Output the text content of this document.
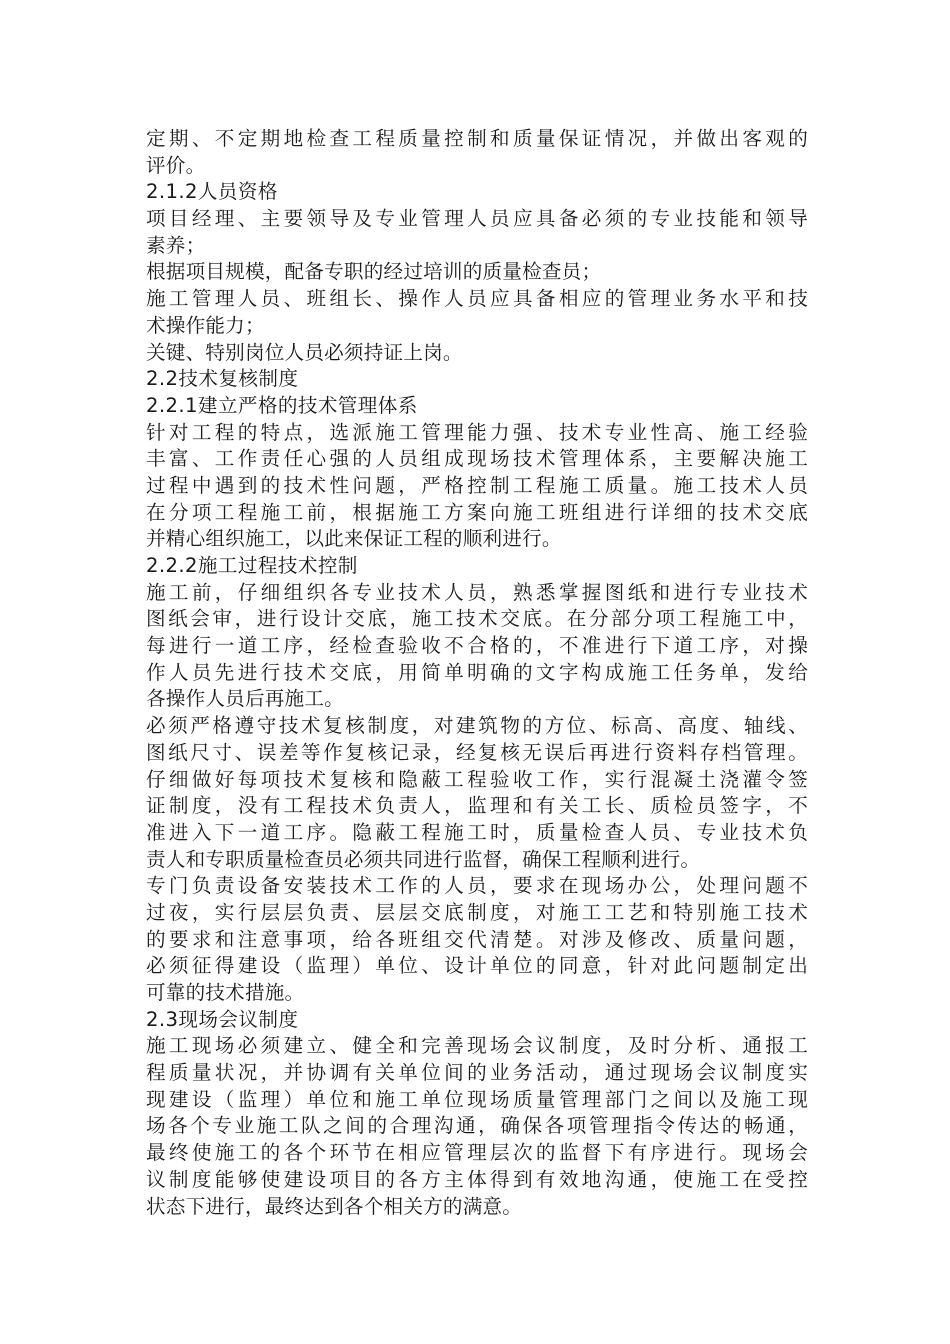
定期、不定期地检查工程质量控制和质量保证情况，并做出客观的
评价。
2.1.2人员资格
项目经理、主要领导及专业管理人员应具备必须的专业技能和领导
素养；
根据项目规模，配备专职的经过培训的质量检查员；
施工管理人员、班组长、操作人员应具备相应的管理业务水平和技
术操作能力；
关键、特别岗位人员必须持证上岗。
2.2技术复核制度
2.2.1建立严格的技术管理体系
针对工程的特点，选派施工管理能力强、技术专业性高、施工经验
丰富、工作责任心强的人员组成现场技术管理体系，主要解决施工
过程中遇到的技术性问题，严格控制工程施工质量。施工技术人员
在分项工程施工前，根据施工方案向施工班组进行详细的技术交底
并精心组织施工，以此来保证工程的顺利进行。
2.2.2施工过程技术控制
施工前，仔细组织各专业技术人员，熟悉掌握图纸和进行专业技术
图纸会审，进行设计交底，施工技术交底。在分部分项工程施工中，
每进行一道工序，经检查验收不合格的，不准进行下道工序，对操
作人员先进行技术交底，用简单明确的文字构成施工任务单，发给
各操作人员后再施工。
必须严格遵守技术复核制度，对建筑物的方位、标高、高度、轴线、
图纸尺寸、误差等作复核记录，经复核无误后再进行资料存档管理。
仔细做好每项技术复核和隐蔽工程验收工作，实行混凝土浇灌令签
证制度，没有工程技术负责人，监理和有关工长、质检员签字，不
准进入下一道工序。隐蔽工程施工时，质量检查人员、专业技术负
责人和专职质量检查员必须共同进行监督，确保工程顺利进行。
专门负责设备安装技术工作的人员，要求在现场办公，处理问题不
过夜，实行层层负责、层层交底制度，对施工工艺和特别施工技术
的要求和注意事项，给各班组交代清楚。对涉及修改、质量问题，
必须征得建设（监理）单位、设计单位的同意，针对此问题制定出
可靠的技术措施。
2.3现场会议制度
施工现场必须建立、健全和完善现场会议制度，及时分析、通报工
程质量状况，并协调有关单位间的业务活动，通过现场会议制度实
现建设（监理）单位和施工单位现场质量管理部门之间以及施工现
场各个专业施工队之间的合理沟通，确保各项管理指令传达的畅通，
最终使施工的各个环节在相应管理层次的监督下有序进行。现场会
议制度能够使建设项目的各方主体得到有效地沟通，使施工在受控
状态下进行，最终达到各个相关方的满意。
